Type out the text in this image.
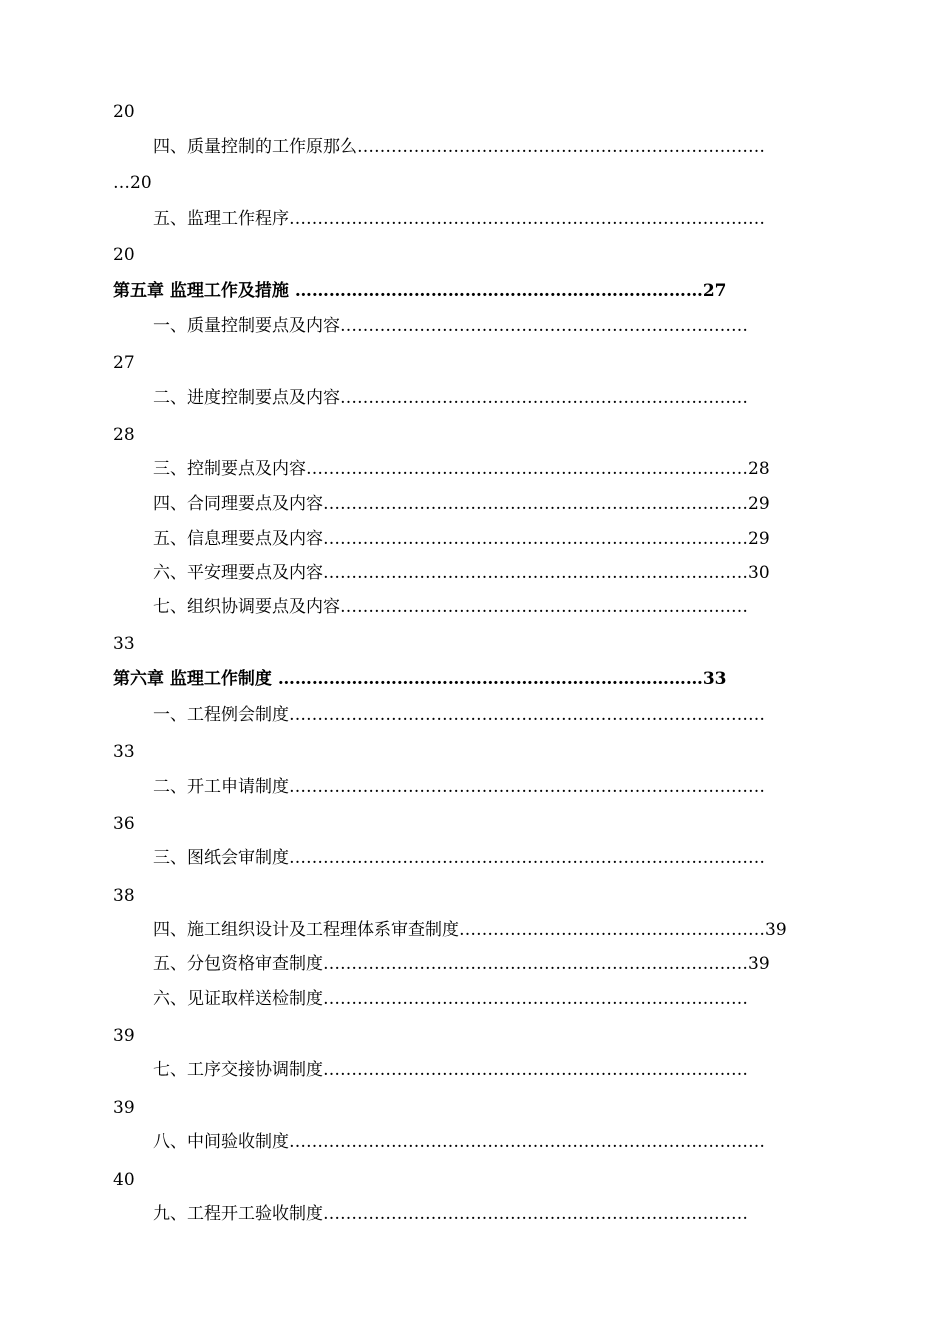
20
四、质量控制的工作原那么………………………………………………………………
…20
五、监理工作程序…………………………………………………………………………
20
第五章 监理工作及措施 ………………………………………………………………27
一、质量控制要点及内容………………………………………………………………
27
二、进度控制要点及内容………………………………………………………………
28
三、控制要点及内容……………………………………………………………………28
四、合同理要点及内容…………………………………………………………………29
五、信息理要点及内容…………………………………………………………………29
六、平安理要点及内容…………………………………………………………………30
七、组织协调要点及内容………………………………………………………………
33
第六章 监理工作制度 …………………………………………………………………33
一、工程例会制度…………………………………………………………………………
33
二、开工申请制度…………………………………………………………………………
36
三、图纸会审制度…………………………………………………………………………
38
四、施工组织设计及工程理体系审查制度………………………………………………39
五、分包资格审查制度…………………………………………………………………39
六、见证取样送检制度…………………………………………………………………
39
七、工序交接协调制度…………………………………………………………………
39
八、中间验收制度…………………………………………………………………………
40
九、工程开工验收制度…………………………………………………………………
